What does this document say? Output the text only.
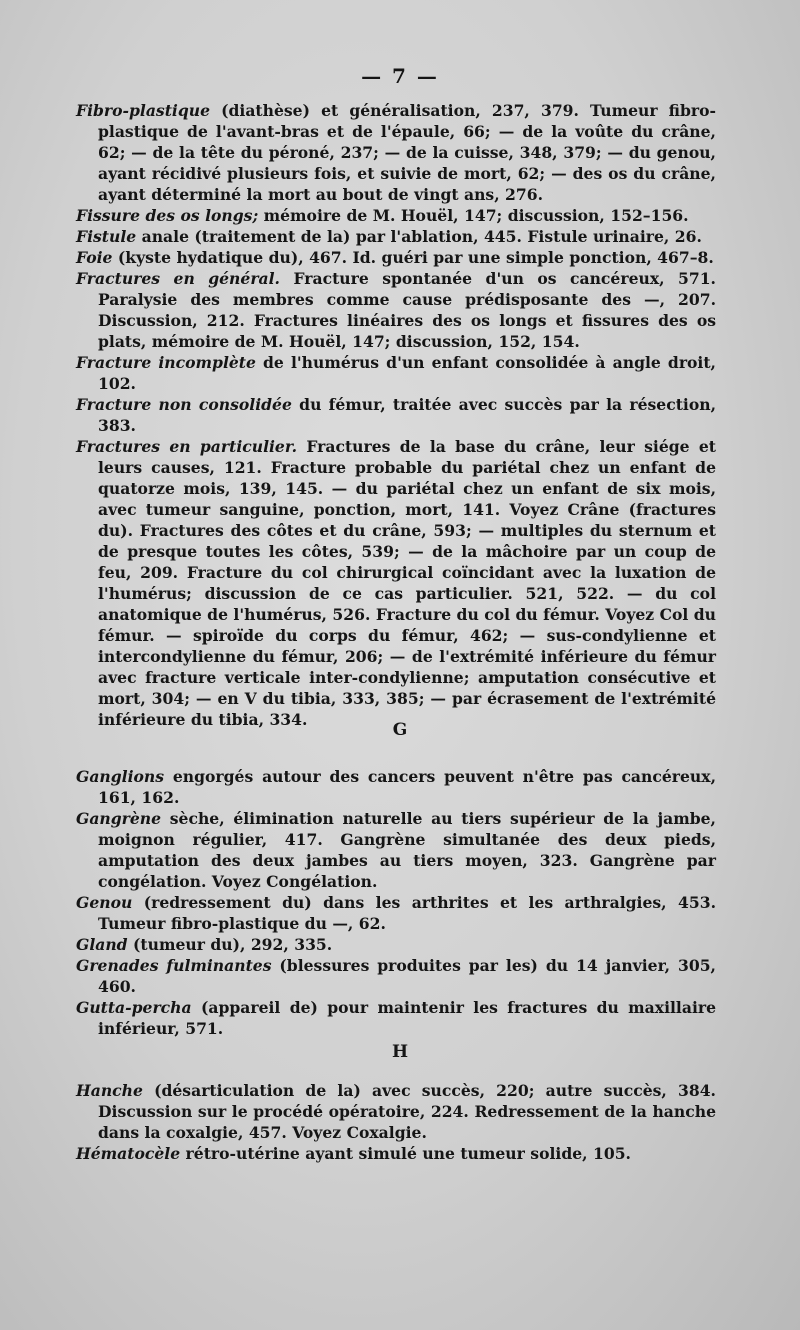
— 7 —

Fibro-plastique (diathèse) et généralisation, 237, 379. Tumeur fibro-plastique de l'avant-bras et de l'épaule, 66; — de la voûte du crâne, 62; — de la tête du péroné, 237; — de la cuisse, 348, 379; — du genou, ayant récidivé plusieurs fois, et suivie de mort, 62; — des os du crâne, ayant déterminé la mort au bout de vingt ans, 276.

Fissure des os longs; mémoire de M. Houël, 147; discussion, 152–156.

Fistule anale (traitement de la) par l'ablation, 445. Fistule urinaire, 26.

Foie (kyste hydatique du), 467. Id. guéri par une simple ponction, 467–8.

Fractures en général. Fracture spontanée d'un os cancéreux, 571. Paralysie des membres comme cause prédisposante des —, 207. Discussion, 212. Fractures linéaires des os longs et fissures des os plats, mémoire de M. Houël, 147; discussion, 152, 154.

Fracture incomplète de l'humérus d'un enfant consolidée à angle droit, 102.

Fracture non consolidée du fémur, traitée avec succès par la résection, 383.

Fractures en particulier. Fractures de la base du crâne, leur siége et leurs causes, 121. Fracture probable du pariétal chez un enfant de quatorze mois, 139, 145. — du pariétal chez un enfant de six mois, avec tumeur sanguine, ponction, mort, 141. Voyez Crâne (fractures du). Fractures des côtes et du crâne, 593; — multiples du sternum et de presque toutes les côtes, 539; — de la mâchoire par un coup de feu, 209. Fracture du col chirurgical coïncidant avec la luxation de l'humérus; discussion de ce cas particulier. 521, 522. — du col anatomique de l'humérus, 526. Fracture du col du fémur. Voyez Col du fémur. — spiroïde du corps du fémur, 462; — sus-condylienne et intercondylienne du fémur, 206; — de l'extrémité inférieure du fémur avec fracture verticale inter-condylienne; amputation consécutive et mort, 304; — en V du tibia, 333, 385; — par écrasement de l'extrémité inférieure du tibia, 334.

G

Ganglions engorgés autour des cancers peuvent n'être pas cancéreux, 161, 162.

Gangrène sèche, élimination naturelle au tiers supérieur de la jambe, moignon régulier, 417. Gangrène simultanée des deux pieds, amputation des deux jambes au tiers moyen, 323. Gangrène par congélation. Voyez Congélation.

Genou (redressement du) dans les arthrites et les arthralgies, 453. Tumeur fibro-plastique du —, 62.

Gland (tumeur du), 292, 335.

Grenades fulminantes (blessures produites par les) du 14 janvier, 305, 460.

Gutta-percha (appareil de) pour maintenir les fractures du maxillaire inférieur, 571.

H

Hanche (désarticulation de la) avec succès, 220; autre succès, 384. Discussion sur le procédé opératoire, 224. Redressement de la hanche dans la coxalgie, 457. Voyez Coxalgie.

Hématocèle rétro-utérine ayant simulé une tumeur solide, 105.
